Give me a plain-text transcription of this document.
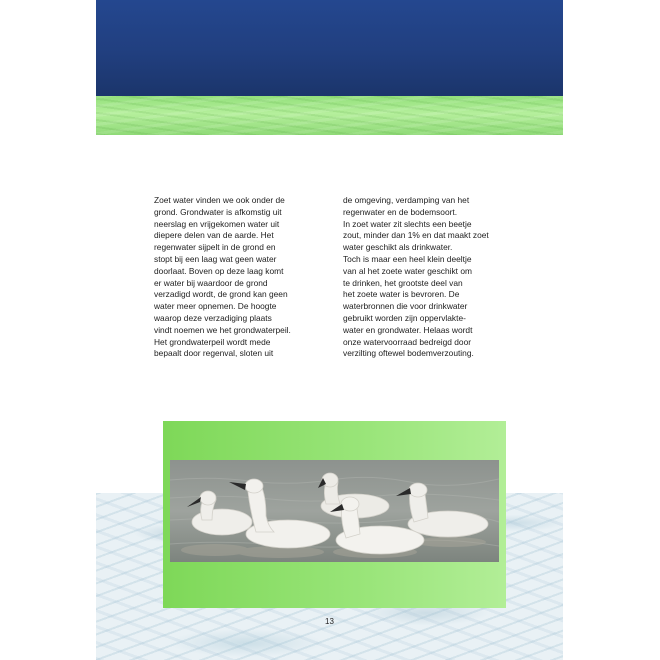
Zoet water vinden we ook onder de

grond. Grondwater is afkomstig uit

neerslag en vrijgekomen water uit

diepere delen van de aarde. Het

regenwater sijpelt in de grond en

stopt bij een laag wat geen water

doorlaat. Boven op deze laag komt

er water bij waardoor de grond

verzadigd wordt, de grond kan geen

water meer opnemen. De hoogte

waarop deze verzadiging plaats

vindt noemen we het grondwaterpeil.

Het grondwaterpeil wordt mede

bepaalt door regenval, sloten uit

de omgeving, verdamping van het

regenwater en de bodemsoort.

In zoet water zit slechts een beetje

zout, minder dan 1% en dat maakt zoet

water geschikt als drinkwater.

Toch is maar een heel klein deeltje

van al het zoete water geschikt om

te drinken, het grootste deel van

het zoete water is bevroren. De

waterbronnen die voor drinkwater

gebruikt worden zijn oppervlakte-

water en grondwater. Helaas wordt

onze watervoorraad bedreigd door

verzilting oftewel bodemverzouting.

13
